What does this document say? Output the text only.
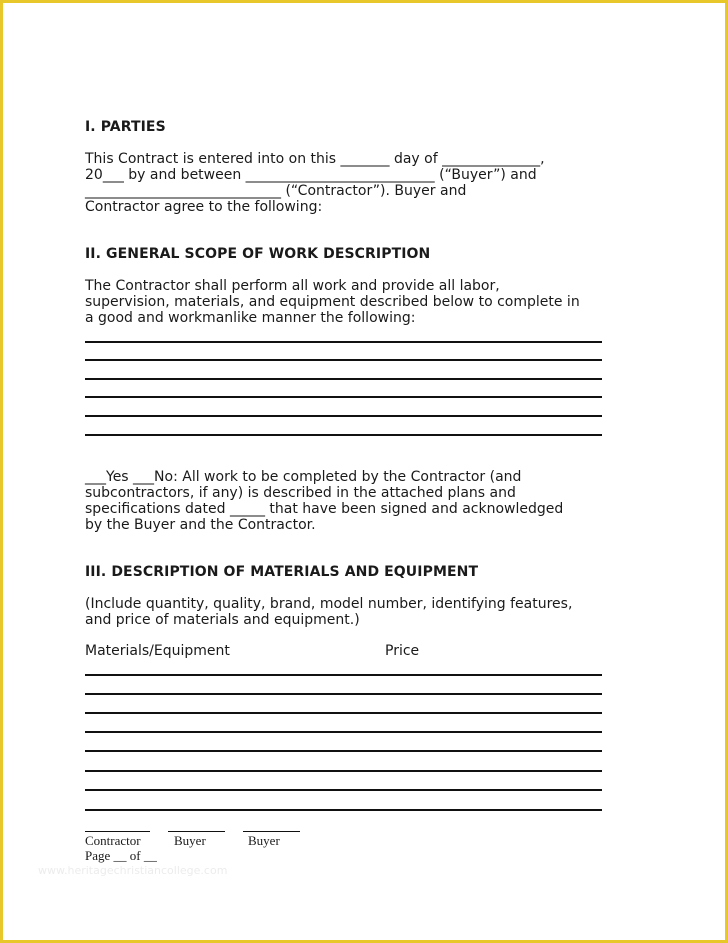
I. PARTIES
This Contract is entered into on this _______ day of ______________,
20___ by and between ___________________________ (“Buyer”) and
____________________________ (“Contractor”). Buyer and
Contractor agree to the following:
II. GENERAL SCOPE OF WORK DESCRIPTION
The Contractor shall perform all work and provide all labor,
supervision, materials, and equipment described below to complete in
a good and workmanlike manner the following:
___Yes ___No: All work to be completed by the Contractor (and
subcontractors, if any) is described in the attached plans and
specifications dated _____ that have been signed and acknowledged
by the Buyer and the Contractor.
III. DESCRIPTION OF MATERIALS AND EQUIPMENT
(Include quantity, quality, brand, model number, identifying features,
and price of materials and equipment.)
Materials/Equipment	Price
Contractor	Buyer	Buyer
Page __ of __
www.heritagechristiancollege.com
